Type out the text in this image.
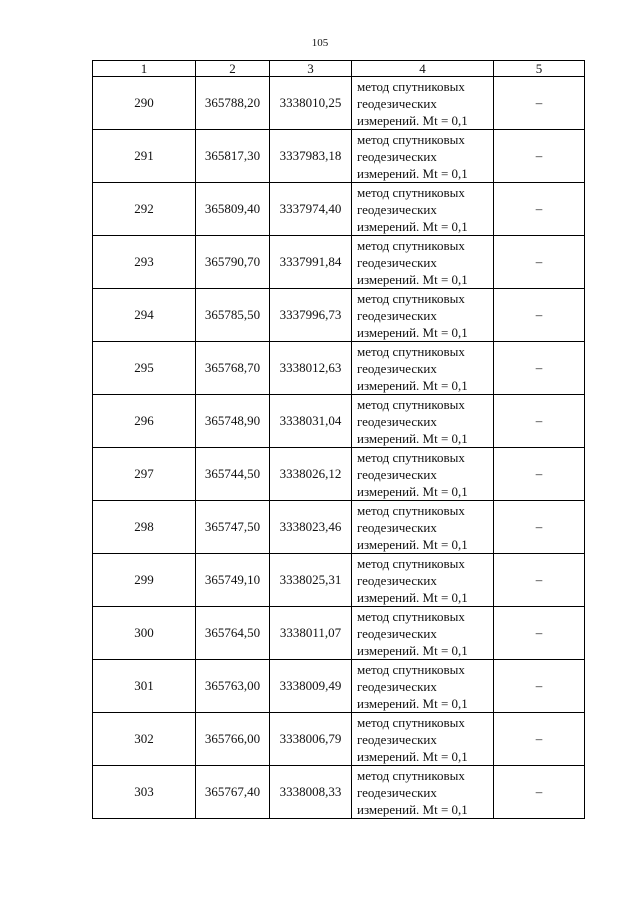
105
1	2	3	4	5
290	365788,20	3338010,25	метод спутниковых
геодезических
измерений. Mt = 0,1	–
291	365817,30	3337983,18	метод спутниковых
геодезических
измерений. Mt = 0,1	–
292	365809,40	3337974,40	метод спутниковых
геодезических
измерений. Mt = 0,1	–
293	365790,70	3337991,84	метод спутниковых
геодезических
измерений. Mt = 0,1	–
294	365785,50	3337996,73	метод спутниковых
геодезических
измерений. Mt = 0,1	–
295	365768,70	3338012,63	метод спутниковых
геодезических
измерений. Mt = 0,1	–
296	365748,90	3338031,04	метод спутниковых
геодезических
измерений. Mt = 0,1	–
297	365744,50	3338026,12	метод спутниковых
геодезических
измерений. Mt = 0,1	–
298	365747,50	3338023,46	метод спутниковых
геодезических
измерений. Mt = 0,1	–
299	365749,10	3338025,31	метод спутниковых
геодезических
измерений. Mt = 0,1	–
300	365764,50	3338011,07	метод спутниковых
геодезических
измерений. Mt = 0,1	–
301	365763,00	3338009,49	метод спутниковых
геодезических
измерений. Mt = 0,1	–
302	365766,00	3338006,79	метод спутниковых
геодезических
измерений. Mt = 0,1	–
303	365767,40	3338008,33	метод спутниковых
геодезических
измерений. Mt = 0,1	–
